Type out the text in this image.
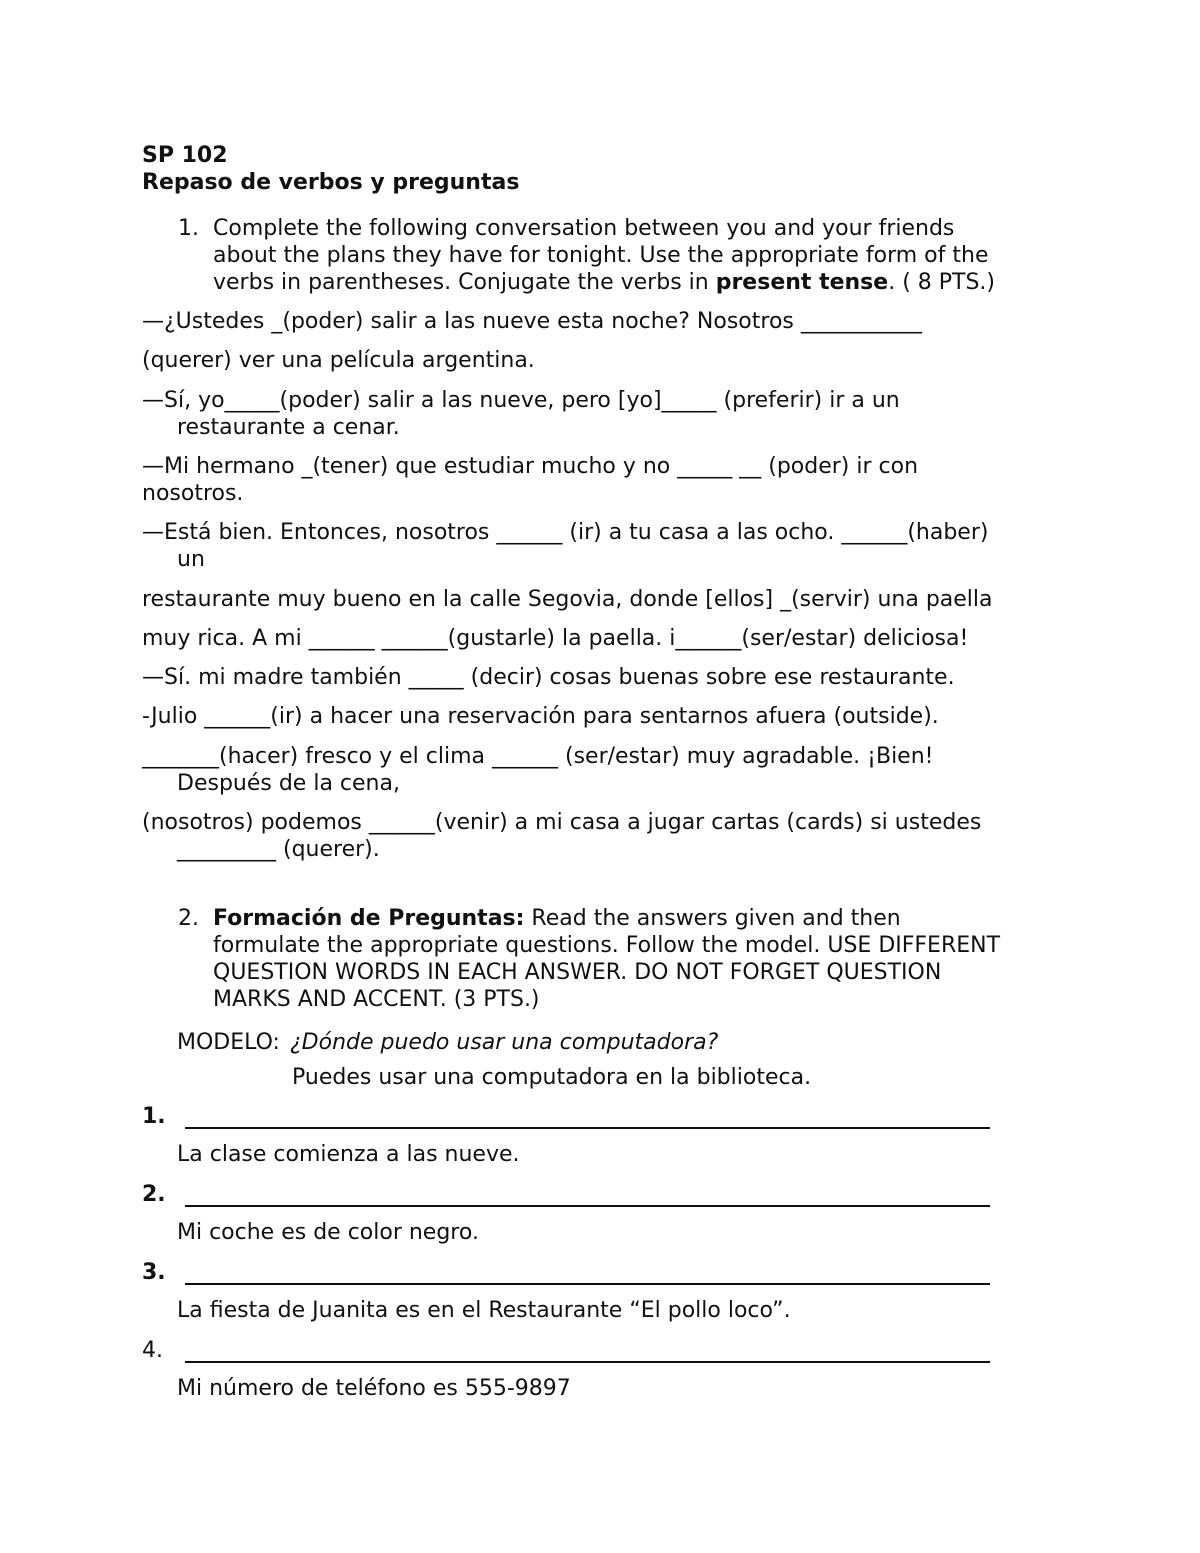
SP 102
Repaso de verbos y preguntas
1. Complete the following conversation between you and your friends
about the plans they have for tonight. Use the appropriate form of the
verbs in parentheses. Conjugate the verbs in present tense. ( 8 PTS.)
—¿Ustedes _(poder) salir a las nueve esta noche? Nosotros ___________
(querer) ver una película argentina.
—Sí, yo_____(poder) salir a las nueve, pero [yo]_____ (preferir) ir a un
restaurante a cenar.
—Mi hermano _(tener) que estudiar mucho y no _____ __ (poder) ir con
nosotros.
—Está bien. Entonces, nosotros ______ (ir) a tu casa a las ocho. ______(haber)
un
restaurante muy bueno en la calle Segovia, donde [ellos] _(servir) una paella
muy rica. A mi ______ ______(gustarle) la paella. i______(ser/estar) deliciosa!
—Sí. mi madre también _____ (decir) cosas buenas sobre ese restaurante.
-Julio ______(ir) a hacer una reservación para sentarnos afuera (outside).
_______(hacer) fresco y el clima ______ (ser/estar) muy agradable. ¡Bien!
Después de la cena,
(nosotros) podemos ______(venir) a mi casa a jugar cartas (cards) si ustedes
_________ (querer).
2. Formación de Preguntas: Read the answers given and then
formulate the appropriate questions. Follow the model. USE DIFFERENT
QUESTION WORDS IN EACH ANSWER. DO NOT FORGET QUESTION
MARKS AND ACCENT. (3 PTS.)
MODELO: ¿Dónde puedo usar una computadora?
Puedes usar una computadora en la biblioteca.
1.
La clase comienza a las nueve.
2.
Mi coche es de color negro.
3.
La fiesta de Juanita es en el Restaurante “El pollo loco”.
4.
Mi número de teléfono es 555-9897
